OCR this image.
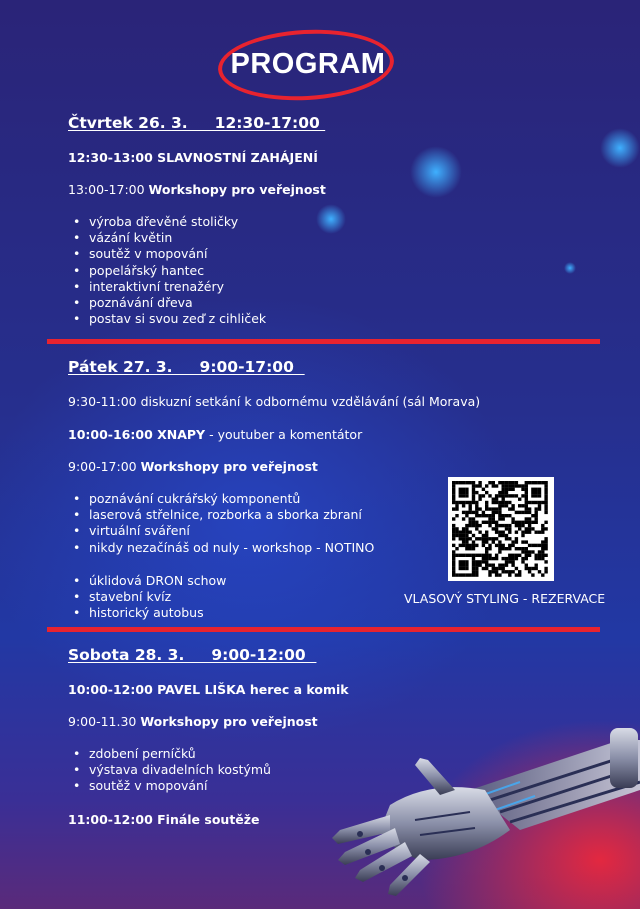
PROGRAM
Čtvrtek 26. 3.     12:30-17:00
12:30-13:00 SLAVNOSTNÍ ZAHÁJENÍ
13:00-17:00 Workshopy pro veřejnost
• výroba dřevěné stoličky
• vázání květin
• soutěž v mopování
• popelářský hantec
• interaktivní trenažéry
• poznávání dřeva
• postav si svou zeď z cihliček
Pátek 27. 3.     9:00-17:00
9:30-11:00 diskuzní setkání k odbornému vzdělávání (sál Morava)
10:00-16:00 XNAPY - youtuber a komentátor
9:00-17:00 Workshopy pro veřejnost
• poznávání cukrářský komponentů
• laserová střelnice, rozborka a sborka zbraní
• virtuální sváření
• nikdy nezačínáš od nuly - workshop - NOTINO
• úklidová DRON schow
• stavební kvíz
• historický autobus
VLASOVÝ STYLING - REZERVACE
Sobota 28. 3.     9:00-12:00
10:00-12:00 PAVEL LIŠKA herec a komik
9:00-11.30 Workshopy pro veřejnost
• zdobení perníčků
• výstava divadelních kostýmů
• soutěž v mopování
11:00-12:00 Finále soutěže
